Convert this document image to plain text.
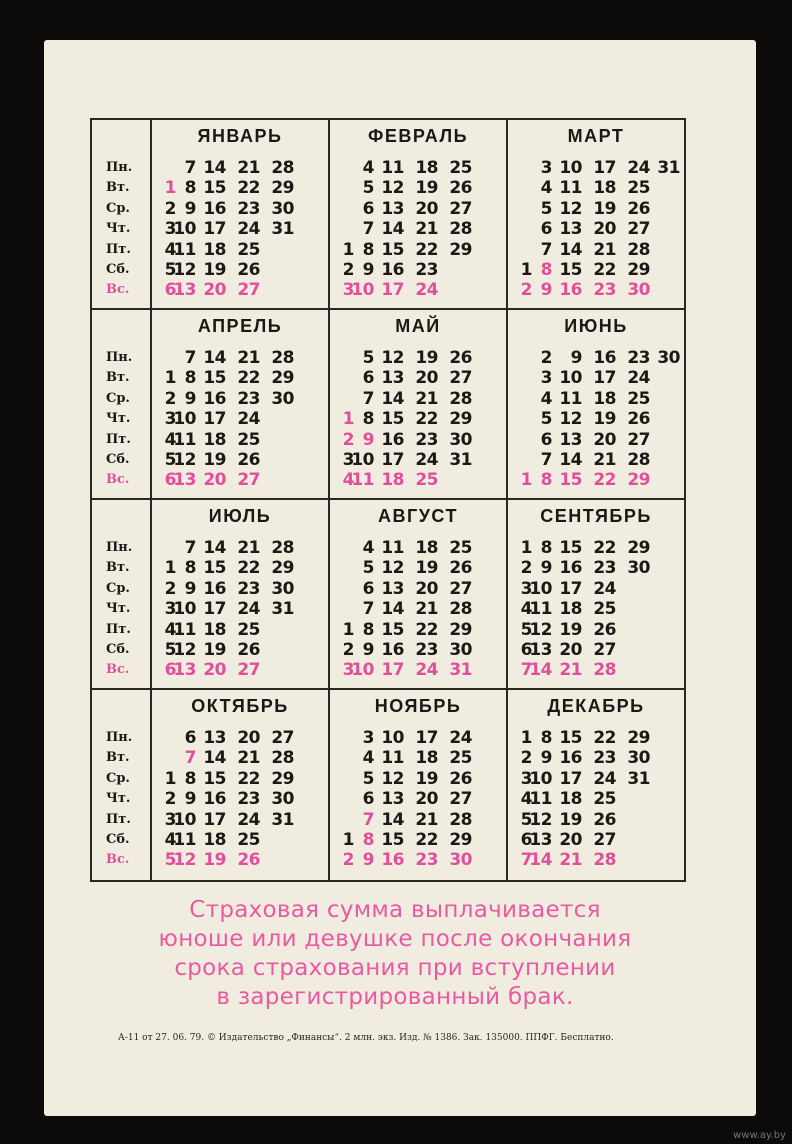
Пн.
Вт.
Ср.
Чт.
Пт.
Сб.
Вс.
Пн.
Вт.
Ср.
Чт.
Пт.
Сб.
Вс.
Пн.
Вт.
Ср.
Чт.
Пт.
Сб.
Вс.
Пн.
Вт.
Ср.
Чт.
Пт.
Сб.
Вс.
ЯНВАРЬ
7 14 21 28
1 8 15 22 29
2 9 16 23 30
3
10 17 24 31
4
11 18 25
5
12 19 26
6
13 20 27
ФЕВРАЛЬ
4 11 18 25
5 12 19 26
6 13 20 27
7 14 21 28
1 8 15 22 29
2 9 16 23
3
10 17 24
МАРТ
3 10 17 24 31
4 11 18 25
5 12 19 26
6 13 20 27
7 14 21 28
1 8 15 22 29
2 9 16 23 30
АПРЕЛЬ
7 14 21 28
1 8 15 22 29
2 9 16 23 30
3
10 17 24
4
11 18 25
5
12 19 26
6
13 20 27
МАЙ
5 12 19 26
6 13 20 27
7 14 21 28
1 8 15 22 29
2 9 16 23 30
3
10 17 24 31
4
11 18 25
ИЮНЬ
2	9 16 23 30
3 10 17 24
4 11 18 25
5 12 19 26
6 13 20 27
7 14 21 28
1 8 15 22 29
ИЮЛЬ
7 14 21 28
1 8 15 22 29
2 9 16 23 30
3
10 17 24 31
4
11 18 25
5
12 19 26
6
13 20 27
АВГУСТ
4 11 18 25
5 12 19 26
6 13 20 27
7 14 21 28
1 8 15 22 29
2 9 16 23 30
3
10 17 24 31
СЕНТЯБРЬ
1 8 15 22 29
2 9 16 23 30
3
10 17 24
4
11 18 25
5
12 19 26
6
13 20 27
7
14 21 28
ОКТЯБРЬ
6 13 20 27
7 14 21 28
1 8 15 22 29
2 9 16 23 30
3
10 17 24 31
4
11 18 25
5
12 19 26
НОЯБРЬ
3 10 17 24
4 11 18 25
5 12 19 26
6 13 20 27
7 14 21 28
1 8 15 22 29
2 9 16 23 30
ДЕКАБРЬ
1 8 15 22 29
2 9 16 23 30
3
10 17 24 31
4
11 18 25
5
12 19 26
6
13 20 27
7
14 21 28
Страховая сумма выплачивается
юноше или девушке после окончания
срока страхования при вступлении
в зарегистрированный брак.
А-11 от 27. 06. 79. © Издательство „Финансы“. 2 млн. экз. Изд. № 1386. Зак. 135000. ППФГ. Бесплатно.
www.ay.by
